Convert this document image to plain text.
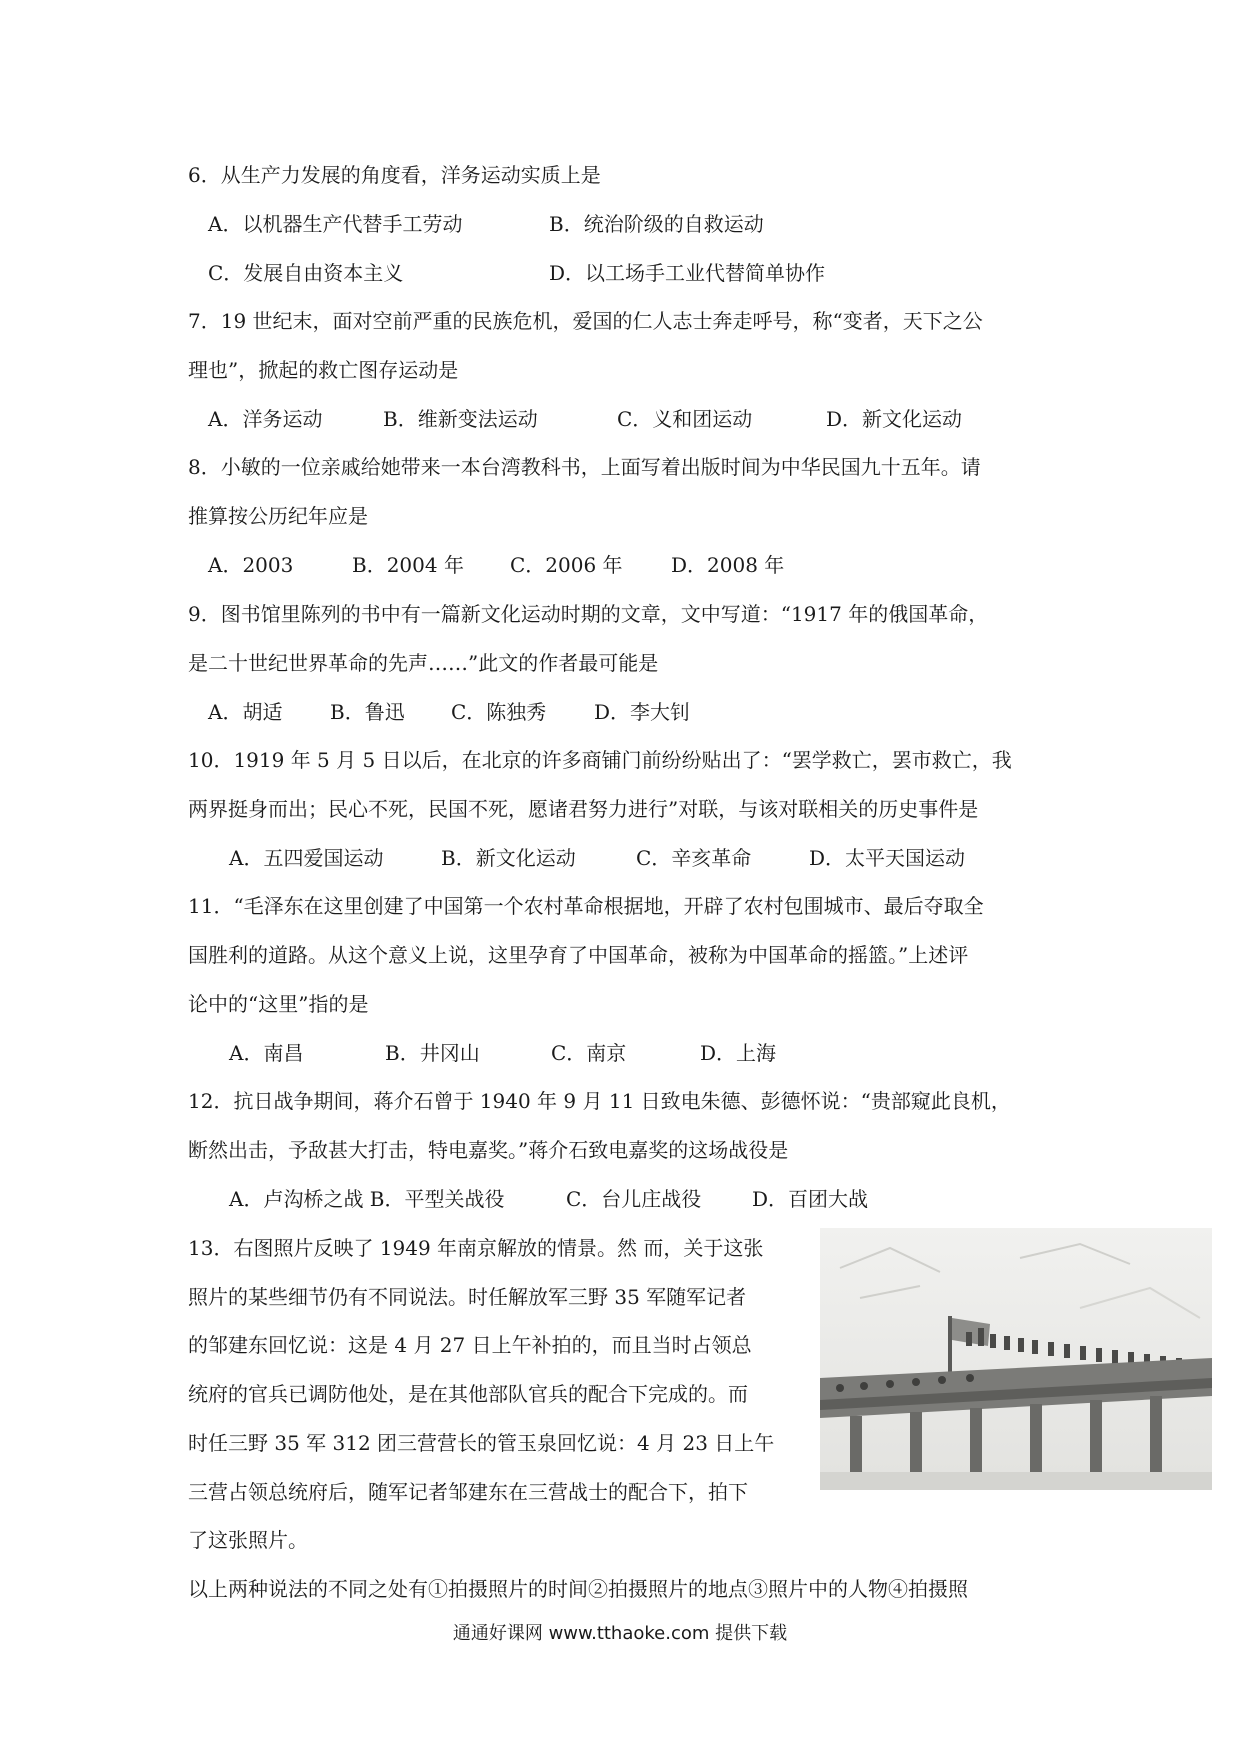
6．从生产力发展的角度看，洋务运动实质上是
A．以机器生产代替手工劳动	B．统治阶级的自救运动
C．发展自由资本主义	D．以工场手工业代替简单协作
7．19 世纪末，面对空前严重的民族危机，爱国的仁人志士奔走呼号，称“变者，天下之公
理也”，掀起的救亡图存运动是
A．洋务运动	B．维新变法运动	C．义和团运动	D．新文化运动
8．小敏的一位亲戚给她带来一本台湾教科书，上面写着出版时间为中华民国九十五年。请
推算按公历纪年应是
A．2003	B．2004 年 C．2006 年 D．2008 年
9．图书馆里陈列的书中有一篇新文化运动时期的文章，文中写道：“1917 年的俄国革命，
是二十世纪世界革命的先声……”此文的作者最可能是
A．胡适 B．鲁迅 C．陈独秀 D．李大钊
10．1919 年 5 月 5 日以后，在北京的许多商铺门前纷纷贴出了：“罢学救亡，罢市救亡，我
两界挺身而出；民心不死，民国不死，愿诸君努力进行”对联，与该对联相关的历史事件是
A．五四爱国运动	B．新文化运动	C．辛亥革命	D．太平天国运动
11．“毛泽东在这里创建了中国第一个农村革命根据地，开辟了农村包围城市、最后夺取全
国胜利的道路。从这个意义上说，这里孕育了中国革命，被称为中国革命的摇篮。”上述评
论中的“这里”指的是
A．南昌	B．井冈山	C．南京	D．上海
12．抗日战争期间，蒋介石曾于 1940 年 9 月 11 日致电朱德、彭德怀说：“贵部窥此良机，
断然出击，予敌甚大打击，特电嘉奖。”蒋介石致电嘉奖的这场战役是
A．卢沟桥之战 B．平型关战役	C．台儿庄战役	D．百团大战
13．右图照片反映了 1949 年南京解放的情景。然 而，关于这张
照片的某些细节仍有不同说法。时任解放军三野 35 军随军记者
的邹建东回忆说：这是 4 月 27 日上午补拍的，而且当时占领总
统府的官兵已调防他处，是在其他部队官兵的配合下完成的。而
时任三野 35 军 312 团三营营长的管玉泉回忆说：4 月 23 日上午
三营占领总统府后，随军记者邹建东在三营战士的配合下，拍下
了这张照片。
以上两种说法的不同之处有①拍摄照片的时间②拍摄照片的地点③照片中的人物④拍摄照
通通好课网 www.tthaoke.com 提供下载
